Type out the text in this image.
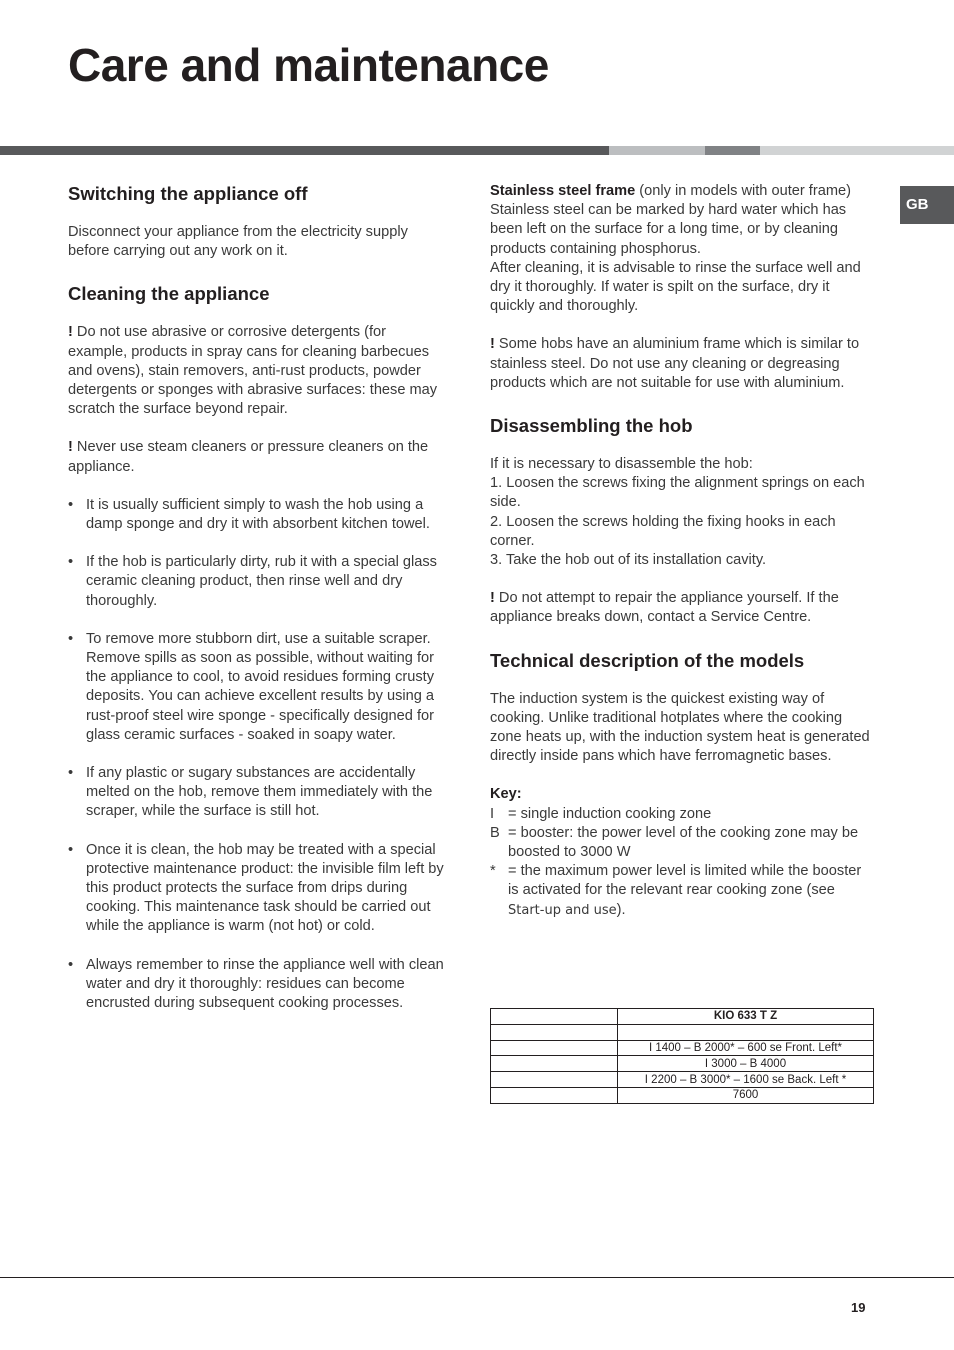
Care and maintenance
GB
Switching the appliance off

Disconnect your appliance from the electricity supply before carrying out any work on it.

Cleaning the appliance

! Do not use abrasive or corrosive detergents (for example, products in spray cans for cleaning barbecues and ovens), stain removers, anti-rust products, powder detergents or sponges with abrasive surfaces: these may scratch the surface beyond repair.

! Never use steam cleaners or pressure cleaners on the appliance.

• It is usually sufficient simply to wash the hob using a damp sponge and dry it with absorbent kitchen towel.
• If the hob is particularly dirty, rub it with a special glass ceramic cleaning product, then rinse well and dry thoroughly.
• To remove more stubborn dirt, use a suitable scraper. Remove spills as soon as possible, without waiting for the appliance to cool, to avoid residues forming crusty deposits. You can achieve excellent results by using a rust-proof steel wire sponge - specifically designed for glass ceramic surfaces - soaked in soapy water.
• If any plastic or sugary substances are accidentally melted on the hob, remove them immediately with the scraper, while the surface is still hot.
• Once it is clean, the hob may be treated with a special protective maintenance product: the invisible film left by this product protects the surface from drips during cooking. This maintenance task should be carried out while the appliance is warm (not hot) or cold.
• Always remember to rinse the appliance well with clean water and dry it thoroughly: residues can become encrusted during subsequent cooking processes.

Stainless steel frame (only in models with outer frame)

Stainless steel can be marked by hard water which has been left on the surface for a long time, or by cleaning products containing phosphorus.

After cleaning, it is advisable to rinse the surface well and dry it thoroughly. If water is spilt on the surface, dry it quickly and thoroughly.

! Some hobs have an aluminium frame which is similar to stainless steel. Do not use any cleaning or degreasing products which are not suitable for use with aluminium.

Disassembling the hob

If it is necessary to disassemble the hob:

1. Loosen the screws fixing the alignment springs on each side.

2. Loosen the screws holding the fixing hooks in each corner.

3. Take the hob out of its installation cavity.

! Do not attempt to repair the appliance yourself. If the appliance breaks down, contact a Service Centre.

Technical description of the models

The induction system is the quickest existing way of cooking. Unlike traditional hotplates where the cooking zone heats up, with the induction system heat is generated directly inside pans which have ferromagnetic bases.

Key:

I = single induction cooking zone
B = booster: the power level of the cooking zone may be boosted to 3000 W
* = the maximum power level is limited while the booster is activated for the relevant rear cooking zone (see Start-up and use).
	KIO 633 T Z

	I 1400 – B 2000* – 600 se Front. Left*
	I 3000 – B 4000
	I 2200 – B 3000* – 1600 se Back. Left *
	7600
19
